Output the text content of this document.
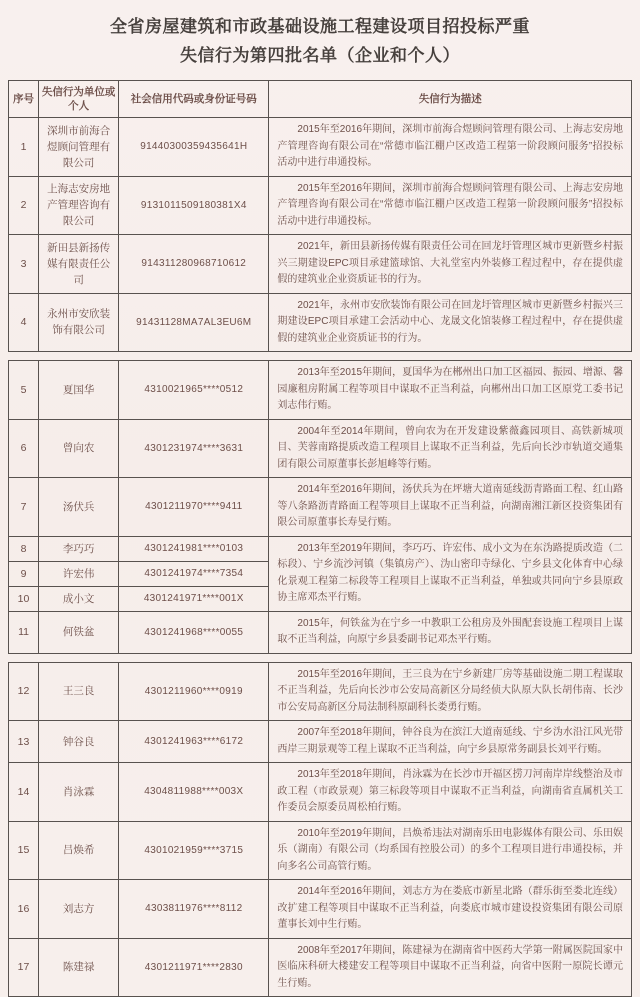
全省房屋建筑和市政基础设施工程建设项目招投标严重
失信行为第四批名单（企业和个人）
序号	失信行为单位或个人	社会信用代码或身份证号码	失信行为描述
1	深圳市前海合煜顾问管理有限公司	91440300359435641H	2015年至2016年期间，深圳市前海合煜顾问管理有限公司、上海志安房地产管理咨询有限公司在“常德市临江棚户区改造工程第一阶段顾问服务”招投标活动中进行串通投标。

2	上海志安房地产管理咨询有限公司	9131011509180381X4	2015年至2016年期间，深圳市前海合煜顾问管理有限公司、上海志安房地产管理咨询有限公司在“常德市临江棚户区改造工程第一阶段顾问服务”招投标活动中进行串通投标。

3	新田县新扬传媒有限责任公司	914311280968710612	2021年，新田县新扬传媒有限责任公司在回龙圩管理区城市更新暨乡村振兴三期建设EPC项目承建篮球馆、大礼堂室内外装修工程过程中，存在提供虚假的建筑业企业资质证书的行为。

4	永州市安欣装饰有限公司	91431128MA7AL3EU6M	2021年，永州市安欣装饰有限公司在回龙圩管理区城市更新暨乡村振兴三期建设EPC项目承建工会活动中心、龙晟文化馆装修工程过程中，存在提供虚假的建筑业企业资质证书的行为。

5	夏国华	4310021965****0512	2013年至2015年期间，夏国华为在郴州出口加工区福园、振园、增源、馨园廉租房附属工程等项目中谋取不正当利益，向郴州出口加工区原党工委书记刘志伟行贿。

6	曾向农	4301231974****3631	2004年至2014年期间，曾向农为在开发建设紫薇鑫园项目、高铁新城项目、芙蓉南路提质改造工程项目上谋取不正当利益，先后向长沙市轨道交通集团有限公司原董事长彭旭峰等行贿。

7	汤伏兵	4301211970****9411	2014年至2016年期间，汤伏兵为在坪塘大道南延线沥青路面工程、红山路等八条路沥青路面工程等项目上谋取不正当利益，向湖南湘江新区投资集团有限公司原董事长寿旻行贿。

8	李巧巧	4301241981****0103	2013年至2019年期间，李巧巧、许宏伟、成小文为在东沩路提质改造（二标段）、宁乡流沙河镇（集镇房产）、沩山密印寺绿化、宁乡县文化体育中心绿化景观工程第二标段等工程项目上谋取不正当利益，单独或共同向宁乡县原政协主席邓杰平行贿。

9	许宏伟	4301241974****7354	
10	成小文	4301241971****001X	
11	何铁盆	4301241968****0055	2015年，何铁盆为在宁乡一中教职工公租房及外围配套设施工程项目上谋取不正当利益，向原宁乡县委副书记邓杰平行贿。

12	王三良	4301211960****0919	2015年至2016年期间，王三良为在宁乡新建厂房等基础设施二期工程谋取不正当利益，先后向长沙市公安局高新区分局经侦大队原大队长胡伟南、长沙市公安局高新区分局法制科原副科长娄勇行贿。

13	钟谷良	4301241963****6172	2007年至2018年期间，钟谷良为在滨江大道南延线、宁乡沩水沿江风光带西岸三期景观等工程上谋取不正当利益，向宁乡县原常务副县长刘平行贿。

14	肖泳霖	4304811988****003X	2013年至2018年期间，肖泳霖为在长沙市开福区捞刀河南岸岸线整治及市政工程（市政景观）第三标段等项目中谋取不正当利益，向湖南省直属机关工作委员会原委员周松柏行贿。

15	吕焕希	4301021959****3715	2010年至2019年期间，吕焕希违法对湖南乐田电影媒体有限公司、乐田娱乐（湖南）有限公司（均系国有控股公司）的多个工程项目进行串通投标，并向多名公司高管行贿。

16	刘志方	4303811976****8112	2014年至2016年期间，刘志方为在娄底市新星北路（群乐街至娄北连线）改扩建工程等项目中谋取不正当利益，向娄底市城市建设投资集团有限公司原董事长刘中生行贿。

17	陈建禄	4301211971****2830	2008年至2017年期间，陈建禄为在湖南省中医药大学第一附属医院国家中医临床科研大楼建安工程等项目中谋取不正当利益，向省中医附一原院长谭元生行贿。
